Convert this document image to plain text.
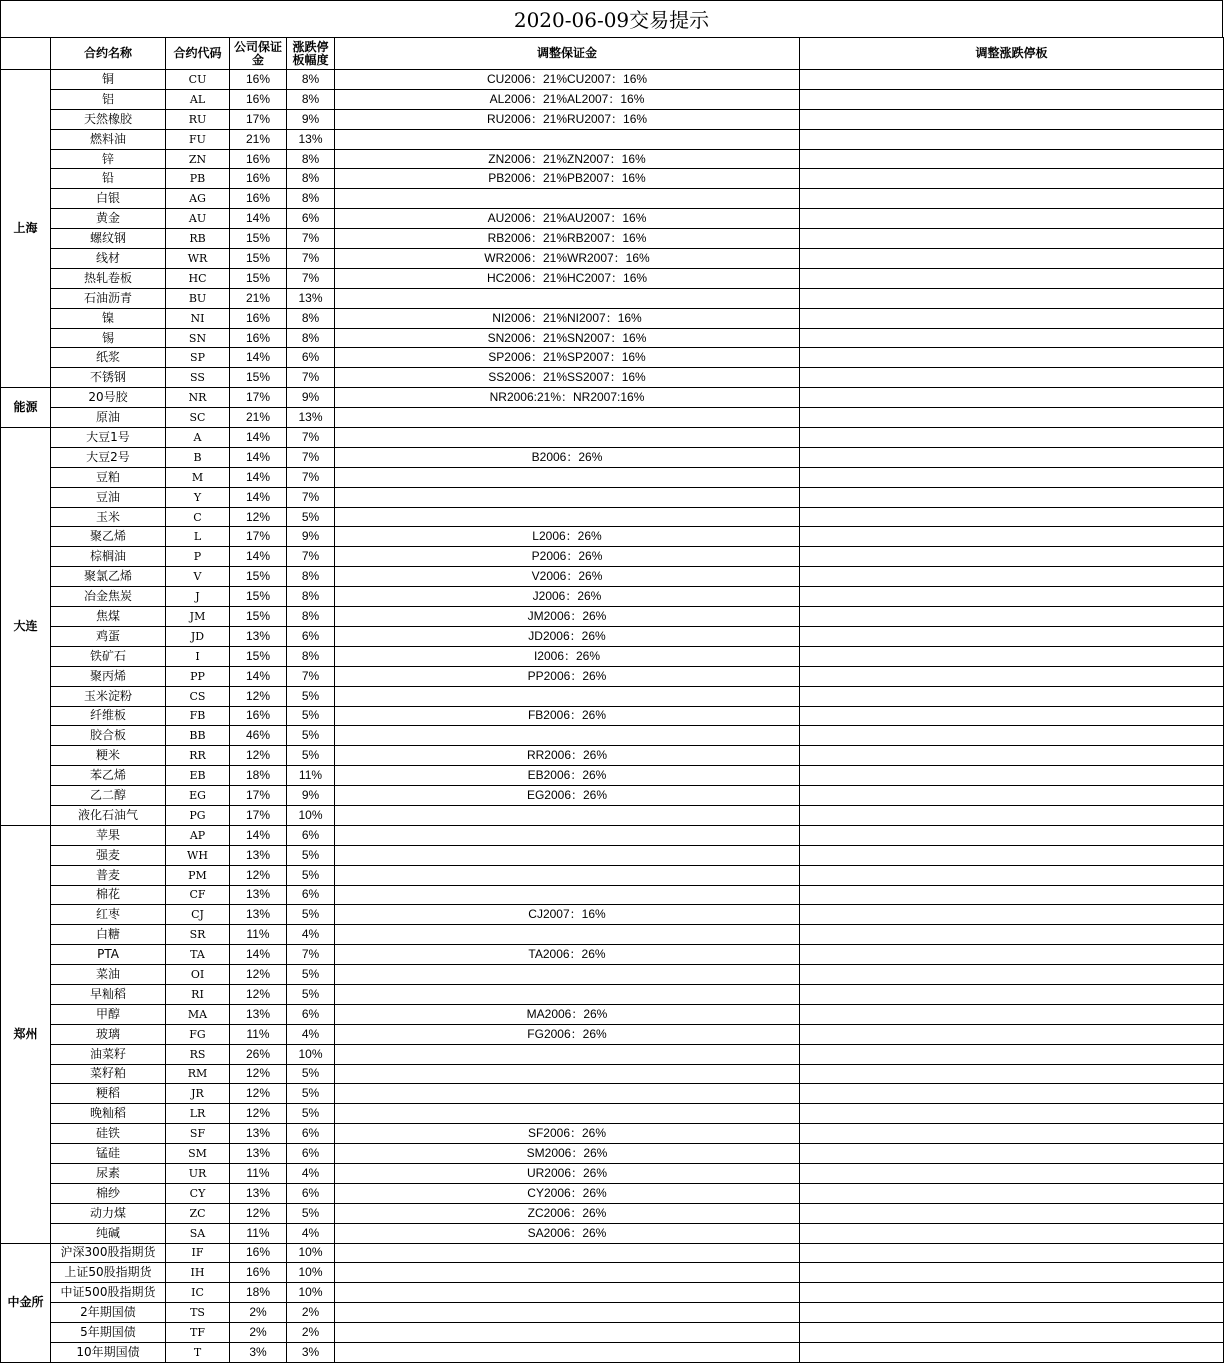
2020-06-09交易提示
	合约名称	合约代码	公司保证金	涨跌停板幅度	调整保证金	调整涨跌停板
上海	铜	CU	16%	8%	CU2006：21%CU2007：16%	
	铝	AL	16%	8%	AL2006：21%AL2007：16%	
	天然橡胶	RU	17%	9%	RU2006：21%RU2007：16%	
	燃料油	FU	21%	13%		
	锌	ZN	16%	8%	ZN2006：21%ZN2007：16%	
	铅	PB	16%	8%	PB2006：21%PB2007：16%	
	白银	AG	16%	8%		
	黄金	AU	14%	6%	AU2006：21%AU2007：16%	
	螺纹钢	RB	15%	7%	RB2006：21%RB2007：16%	
	线材	WR	15%	7%	WR2006：21%WR2007：16%	
	热轧卷板	HC	15%	7%	HC2006：21%HC2007：16%	
	石油沥青	BU	21%	13%		
	镍	NI	16%	8%	NI2006：21%NI2007：16%	
	锡	SN	16%	8%	SN2006：21%SN2007：16%	
	纸浆	SP	14%	6%	SP2006：21%SP2007：16%	
	不锈钢	SS	15%	7%	SS2006：21%SS2007：16%	
能源	20号胶	NR	17%	9%	NR2006:21%：NR2007:16%	
	原油	SC	21%	13%		
大连	大豆1号	A	14%	7%		
	大豆2号	B	14%	7%	B2006：26%	
	豆粕	M	14%	7%		
	豆油	Y	14%	7%		
	玉米	C	12%	5%		
	聚乙烯	L	17%	9%	L2006：26%	
	棕榈油	P	14%	7%	P2006：26%	
	聚氯乙烯	V	15%	8%	V2006：26%	
	冶金焦炭	J	15%	8%	J2006：26%	
	焦煤	JM	15%	8%	JM2006：26%	
	鸡蛋	JD	13%	6%	JD2006：26%	
	铁矿石	I	15%	8%	I2006：26%	
	聚丙烯	PP	14%	7%	PP2006：26%	
	玉米淀粉	CS	12%	5%		
	纤维板	FB	16%	5%	FB2006：26%	
	胶合板	BB	46%	5%		
	粳米	RR	12%	5%	RR2006：26%	
	苯乙烯	EB	18%	11%	EB2006：26%	
	乙二醇	EG	17%	9%	EG2006：26%	
	液化石油气	PG	17%	10%		
郑州	苹果	AP	14%	6%		
	强麦	WH	13%	5%		
	普麦	PM	12%	5%		
	棉花	CF	13%	6%		
	红枣	CJ	13%	5%	CJ2007：16%	
	白糖	SR	11%	4%		
	PTA	TA	14%	7%	TA2006：26%	
	菜油	OI	12%	5%		
	早籼稻	RI	12%	5%		
	甲醇	MA	13%	6%	MA2006：26%	
	玻璃	FG	11%	4%	FG2006：26%	
	油菜籽	RS	26%	10%		
	菜籽粕	RM	12%	5%		
	粳稻	JR	12%	5%		
	晚籼稻	LR	12%	5%		
	硅铁	SF	13%	6%	SF2006：26%	
	锰硅	SM	13%	6%	SM2006：26%	
	尿素	UR	11%	4%	UR2006：26%	
	棉纱	CY	13%	6%	CY2006：26%	
	动力煤	ZC	12%	5%	ZC2006：26%	
	纯碱	SA	11%	4%	SA2006：26%	
中金所	沪深300股指期货	IF	16%	10%		
	上证50股指期货	IH	16%	10%		
	中证500股指期货	IC	18%	10%		
	2年期国债	TS	2%	2%		
	5年期国债	TF	2%	2%		
	10年期国债	T	3%	3%		
